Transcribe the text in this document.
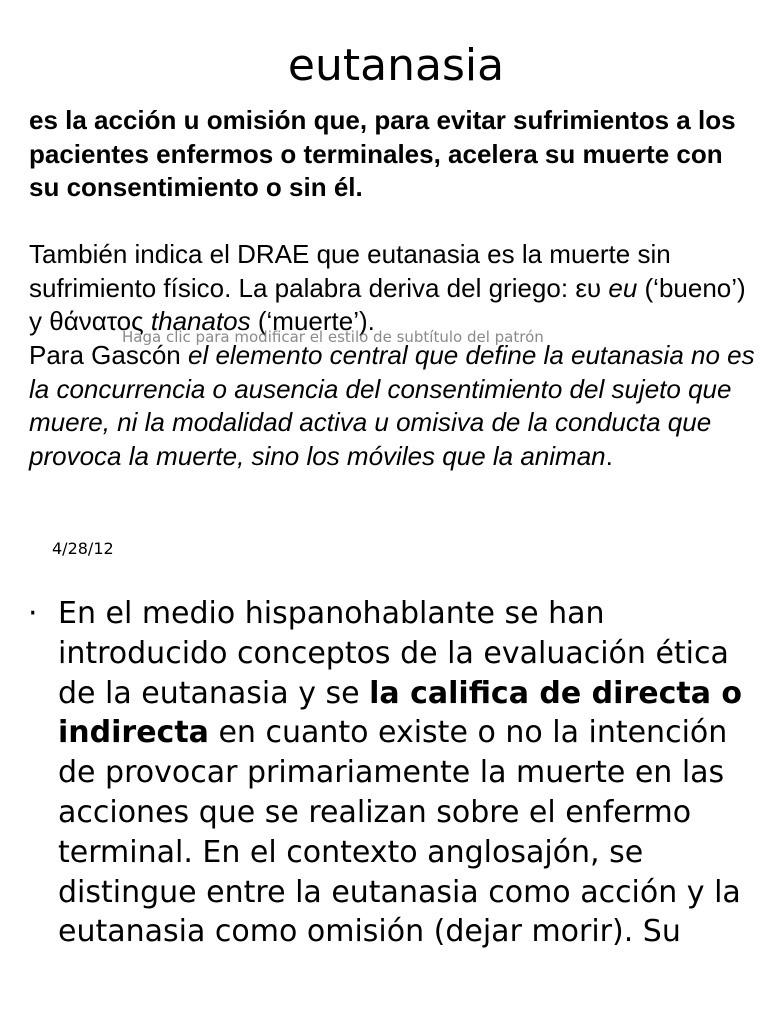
eutanasia
es la acción u omisión que, para evitar sufrimientos a los pacientes enfermos o terminales, acelera su muerte con su consentimiento o sin él.
También indica el DRAE que eutanasia es la muerte sin sufrimiento físico. La palabra deriva del griego: ευ eu (‘bueno’) y θάνατος thanatos (‘muerte’).
Para Gascón el elemento central que define la eutanasia no es la concurrencia o ausencia del consentimiento del sujeto que muere, ni la modalidad activa u omisiva de la conducta que provoca la muerte, sino los móviles que la animan.
Haga clic para modificar el estilo de subtítulo del patrón
4/28/12
· En el medio hispanohablante se han introducido conceptos de la evaluación ética de la eutanasia y se la califica de directa o indirecta en cuanto existe o no la intención de provocar primariamente la muerte en las acciones que se realizan sobre el enfermo terminal. En el contexto anglosajón, se distingue entre la eutanasia como acción y la eutanasia como omisión (dejar morir). Su
